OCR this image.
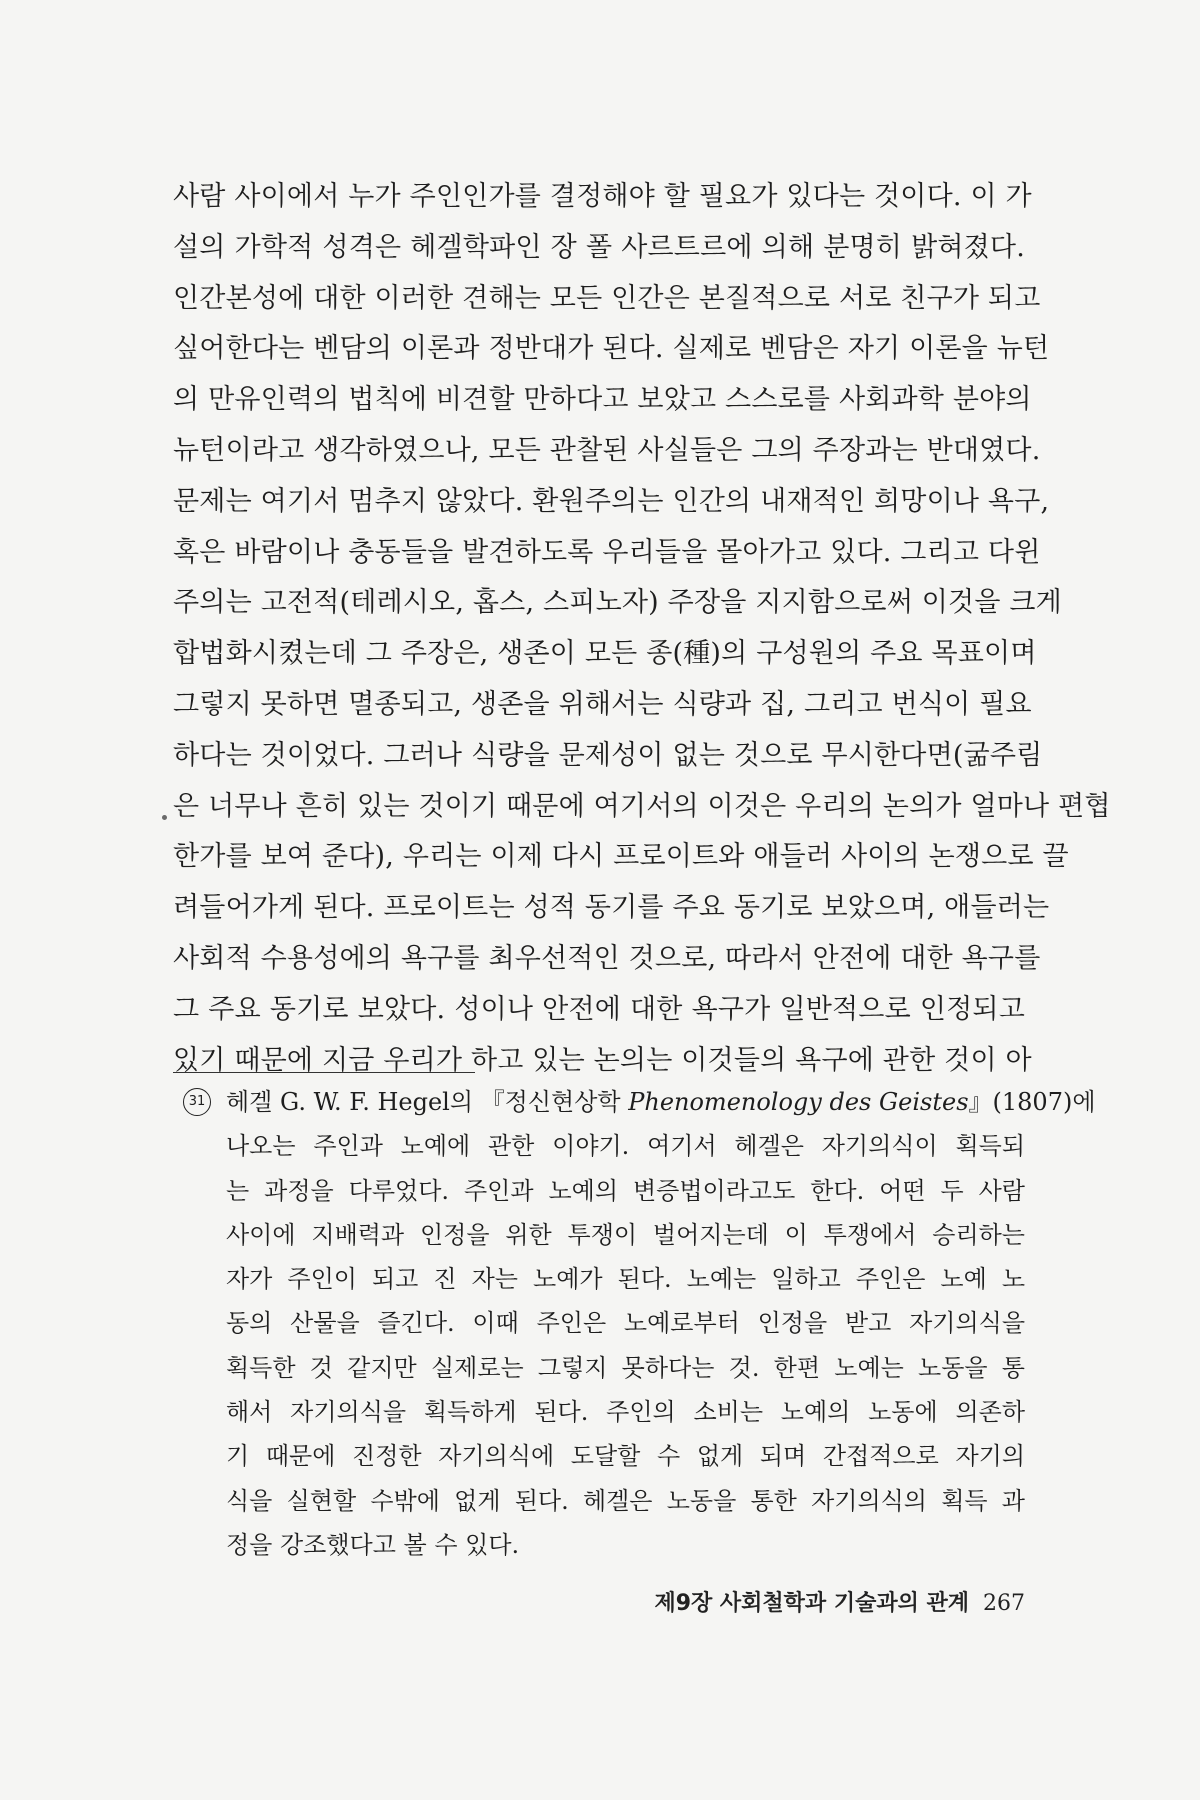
사람 사이에서 누가 주인인가를 결정해야 할 필요가 있다는 것이다. 이 가
설의 가학적 성격은 헤겔학파인 장 폴 사르트르에 의해 분명히 밝혀졌다.
인간본성에 대한 이러한 견해는 모든 인간은 본질적으로 서로 친구가 되고
싶어한다는 벤담의 이론과 정반대가 된다. 실제로 벤담은 자기 이론을 뉴턴
의 만유인력의 법칙에 비견할 만하다고 보았고 스스로를 사회과학 분야의
뉴턴이라고 생각하였으나, 모든 관찰된 사실들은 그의 주장과는 반대였다.
문제는 여기서 멈추지 않았다. 환원주의는 인간의 내재적인 희망이나 욕구,
혹은 바람이나 충동들을 발견하도록 우리들을 몰아가고 있다. 그리고 다윈
주의는 고전적(테레시오, 홉스, 스피노자) 주장을 지지함으로써 이것을 크게
합법화시켰는데 그 주장은, 생존이 모든 종(種)의 구성원의 주요 목표이며
그렇지 못하면 멸종되고, 생존을 위해서는 식량과 집, 그리고 번식이 필요
하다는 것이었다. 그러나 식량을 문제성이 없는 것으로 무시한다면(굶주림
은 너무나 흔히 있는 것이기 때문에 여기서의 이것은 우리의 논의가 얼마나 편협
한가를 보여 준다), 우리는 이제 다시 프로이트와 애들러 사이의 논쟁으로 끌
려들어가게 된다. 프로이트는 성적 동기를 주요 동기로 보았으며, 애들러는
사회적 수용성에의 욕구를 최우선적인 것으로, 따라서 안전에 대한 욕구를
그 주요 동기로 보았다. 성이나 안전에 대한 욕구가 일반적으로 인정되고
있기 때문에 지금 우리가 하고 있는 논의는 이것들의 욕구에 관한 것이 아
31 헤겔 G. W. F. Hegel의 『정신현상학 Phenomenology des Geistes』(1807)에
나오는 주인과 노예에 관한 이야기. 여기서 헤겔은 자기의식이 획득되
는 과정을 다루었다. 주인과 노예의 변증법이라고도 한다. 어떤 두 사람
사이에 지배력과 인정을 위한 투쟁이 벌어지는데 이 투쟁에서 승리하는
자가 주인이 되고 진 자는 노예가 된다. 노예는 일하고 주인은 노예 노
동의 산물을 즐긴다. 이때 주인은 노예로부터 인정을 받고 자기의식을
획득한 것 같지만 실제로는 그렇지 못하다는 것. 한편 노예는 노동을 통
해서 자기의식을 획득하게 된다. 주인의 소비는 노예의 노동에 의존하
기 때문에 진정한 자기의식에 도달할 수 없게 되며 간접적으로 자기의
식을 실현할 수밖에 없게 된다. 헤겔은 노동을 통한 자기의식의 획득 과
정을 강조했다고 볼 수 있다.
제9장 사회철학과 기술과의 관계 267
